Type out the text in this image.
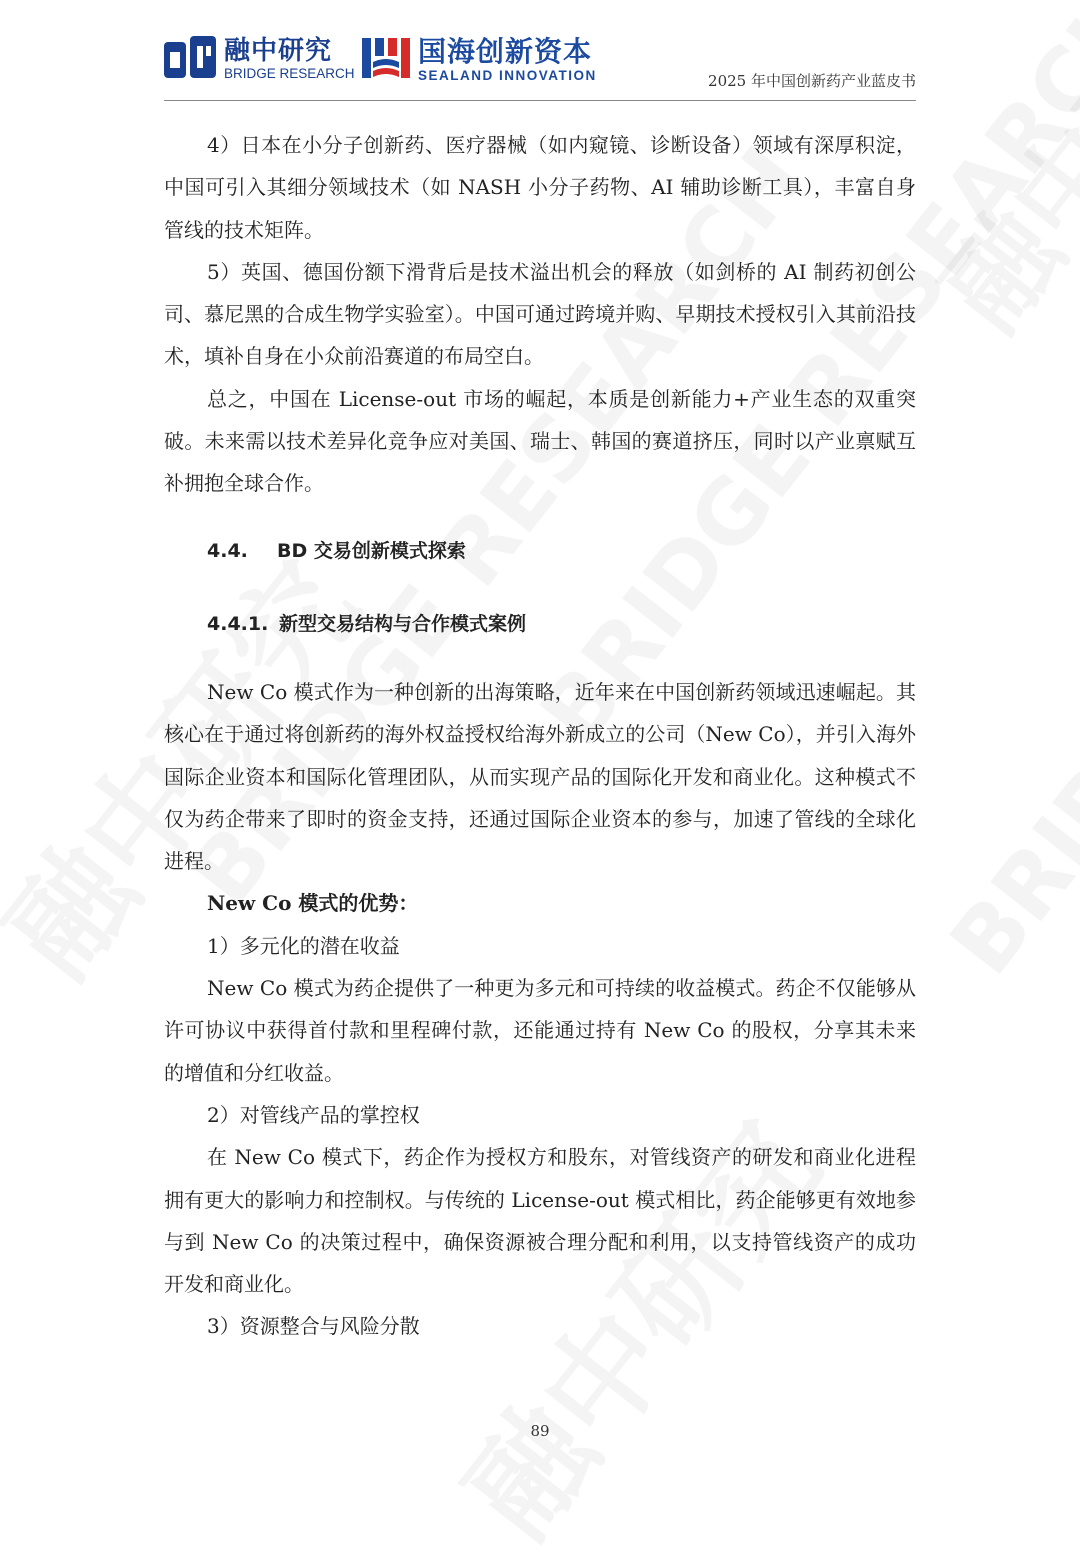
融中研究
BRIDGE RESEARCH
国海创新资本
SEALAND INNOVATION	2025 年中国创新药产业蓝皮书

4）日本在小分子创新药、医疗器械（如内窥镜、诊断设备）领域有深厚积淀，中国可引入其细分领域技术（如 NASH 小分子药物、AI 辅助诊断工具），丰富自身管线的技术矩阵。

5）英国、德国份额下滑背后是技术溢出机会的释放（如剑桥的 AI 制药初创公司、慕尼黑的合成生物学实验室）。中国可通过跨境并购、早期技术授权引入其前沿技术，填补自身在小众前沿赛道的布局空白。

总之，中国在 License-out 市场的崛起，本质是创新能力+产业生态的双重突破。未来需以技术差异化竞争应对美国、瑞士、韩国的赛道挤压，同时以产业禀赋互补拥抱全球合作。

4.4. BD 交易创新模式探索
4.4.1. 新型交易结构与合作模式案例

New Co 模式作为一种创新的出海策略，近年来在中国创新药领域迅速崛起。其核心在于通过将创新药的海外权益授权给海外新成立的公司（New Co），并引入海外国际企业资本和国际化管理团队，从而实现产品的国际化开发和商业化。这种模式不仅为药企带来了即时的资金支持，还通过国际企业资本的参与，加速了管线的全球化进程。

New Co 模式的优势：

1）多元化的潜在收益

New Co 模式为药企提供了一种更为多元和可持续的收益模式。药企不仅能够从许可协议中获得首付款和里程碑付款，还能通过持有 New Co 的股权，分享其未来的增值和分红收益。

2）对管线产品的掌控权

在 New Co 模式下，药企作为授权方和股东，对管线资产的研发和商业化进程拥有更大的影响力和控制权。与传统的 License-out 模式相比，药企能够更有效地参与到 New Co 的决策过程中，确保资源被合理分配和利用，以支持管线资产的成功开发和商业化。

3）资源整合与风险分散

89
